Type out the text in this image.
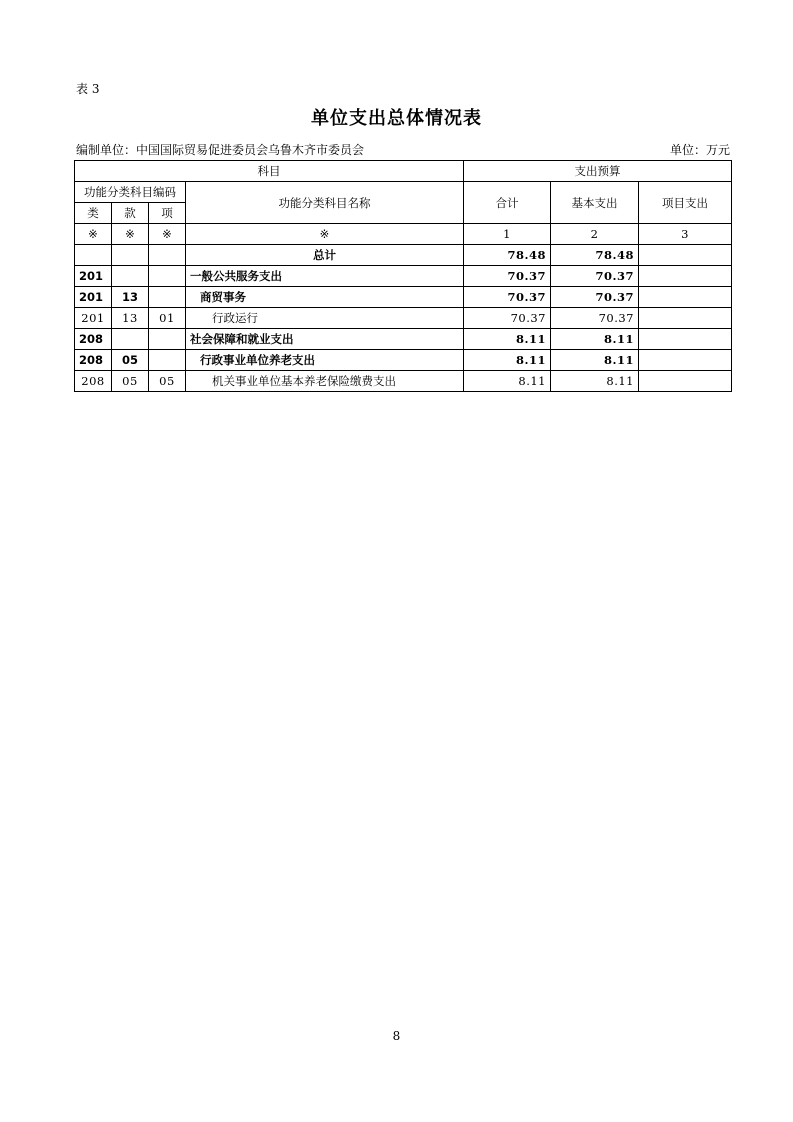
表 3
单位支出总体情况表
编制单位：中国国际贸易促进委员会乌鲁木齐市委员会	单位：万元
科目				支出预算		
功能分类科目编码			功能分类科目名称	合计	基本支出	项目支出
类	款	项				
※	※	※	※	1	2	3
			总计	78.48	78.48	
201			一般公共服务支出	70.37	70.37	
201	13		商贸事务	70.37	70.37	
201	13	01	行政运行	70.37	70.37	
208			社会保障和就业支出	8.11	8.11	
208	05		行政事业单位养老支出	8.11	8.11	
208	05	05	机关事业单位基本养老保险缴费支出	8.11	8.11	
8
